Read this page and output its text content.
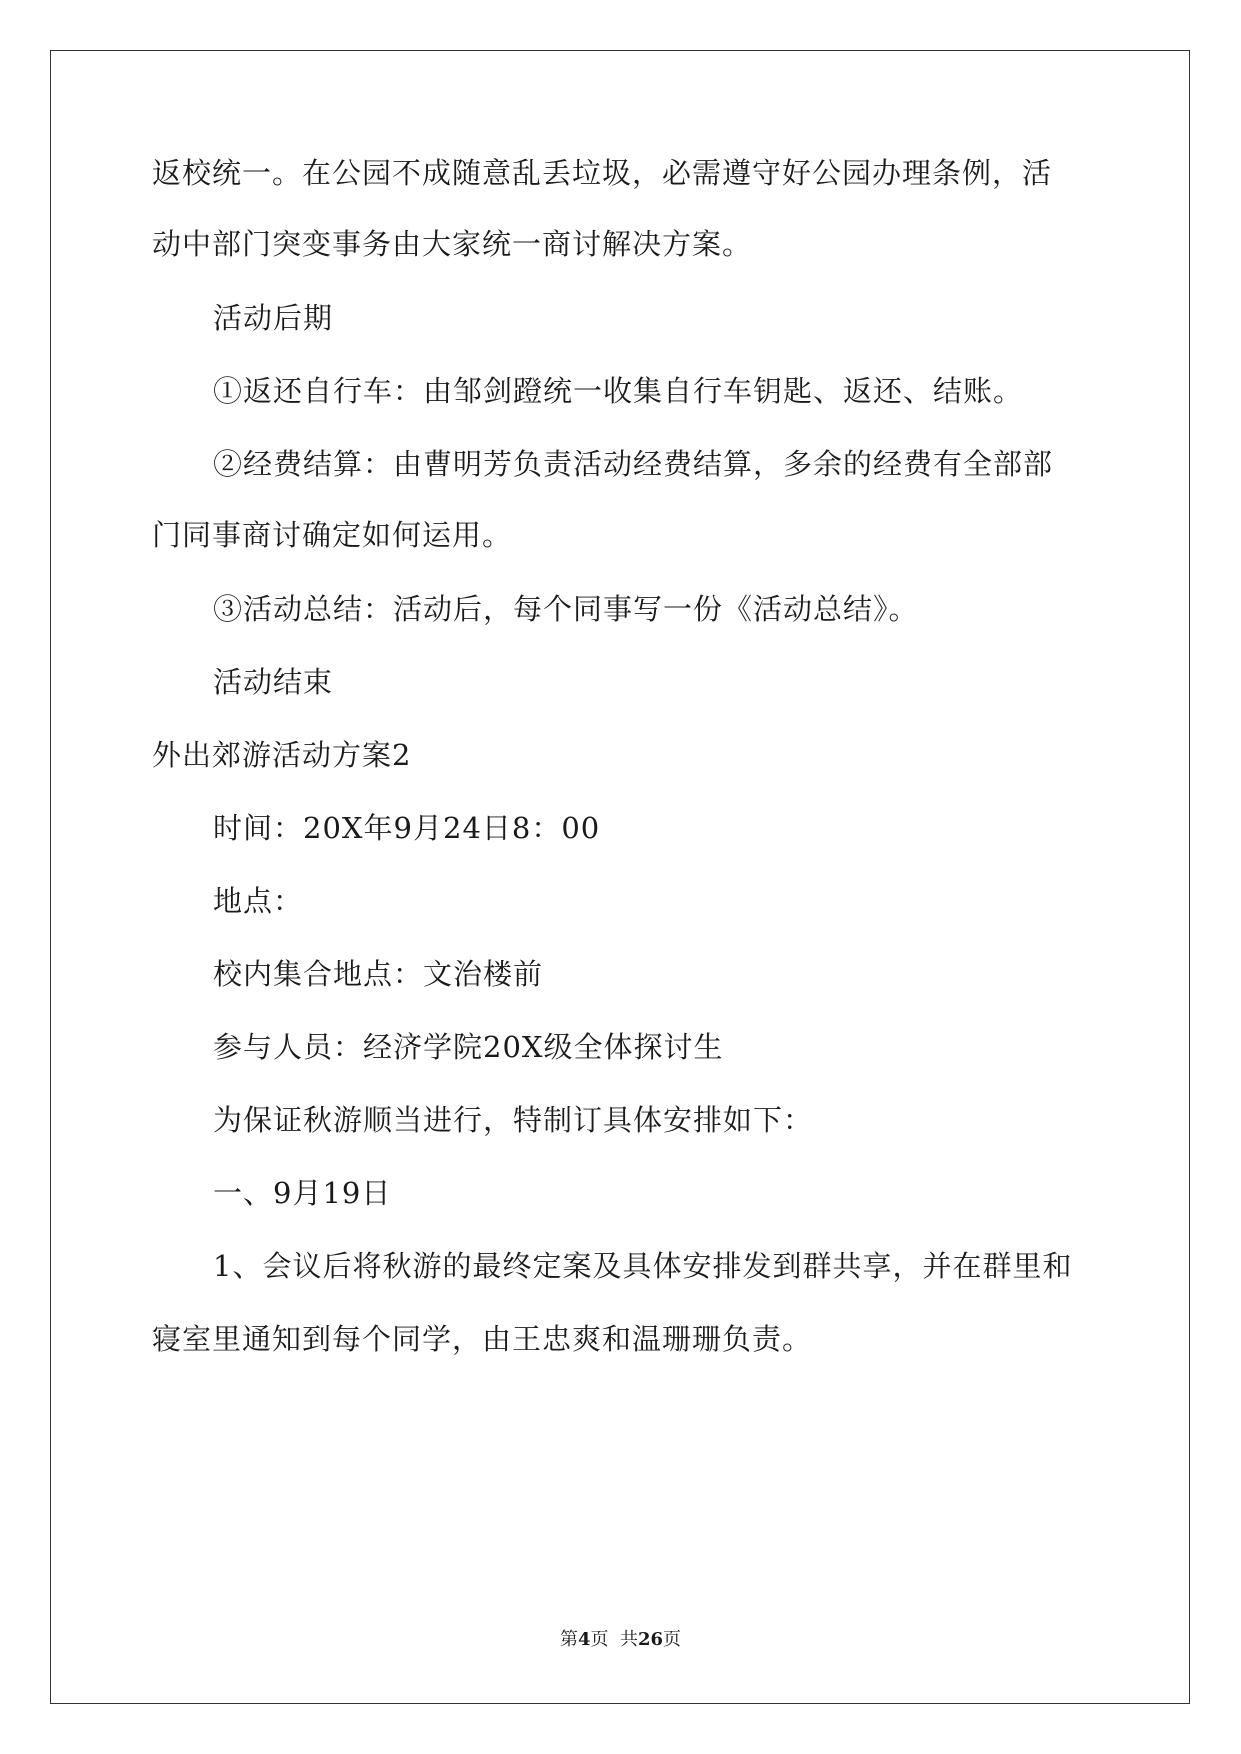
返校统一。在公园不成随意乱丢垃圾，必需遵守好公园办理条例，活
动中部门突变事务由大家统一商讨解决方案。
活动后期
①返还自行车：由邹剑蹬统一收集自行车钥匙、返还、结账。
②经费结算：由曹明芳负责活动经费结算，多余的经费有全部部
门同事商讨确定如何运用。
③活动总结：活动后，每个同事写一份《活动总结》。
活动结束
外出郊游活动方案2
时间：20X年9月24日8：00
地点：
校内集合地点：文治楼前
参与人员：经济学院20X级全体探讨生
为保证秋游顺当进行，特制订具体安排如下：
一、9月19日
1、会议后将秋游的最终定案及具体安排发到群共享，并在群里和
寝室里通知到每个同学，由王忠爽和温珊珊负责。
第4页  共26页
